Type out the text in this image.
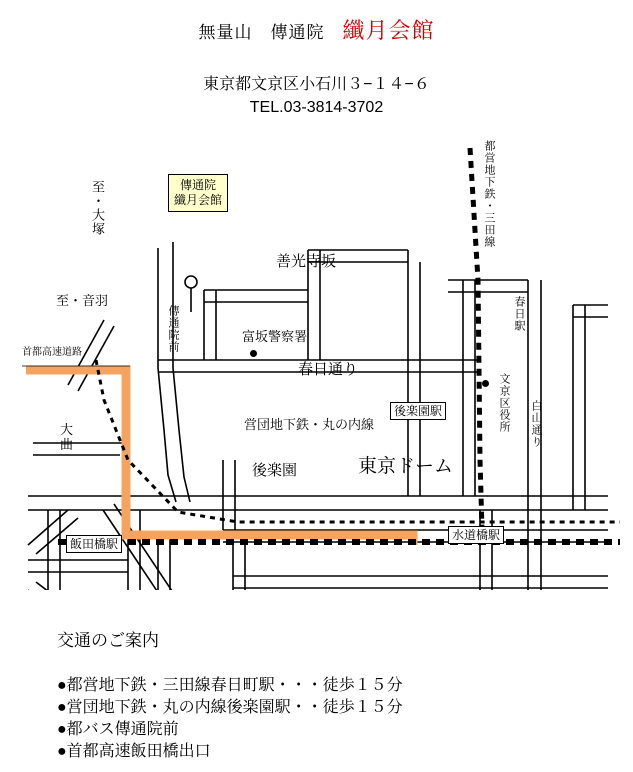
無量山　傳通院 纖月会館
東京都文京区小石川３−１４−６
TEL.03-3814-3702
傳通院
纖月会館
至・大塚
至・音羽
首都高速道路	傳通院前
大曲
善光寺坂
富坂警察署
春日通り
営団地下鉄・丸の内線
後楽園	東京ドーム
都営地下鉄・三田線
春日駅
文京区役所 白山通り
後楽園駅
水道橋駅
飯田橋駅
交通のご案内
●都営地下鉄・三田線春日町駅・・・徒歩１５分
●営団地下鉄・丸の内線後楽園駅・・徒歩１５分
●都バス傳通院前
●首都高速飯田橋出口
